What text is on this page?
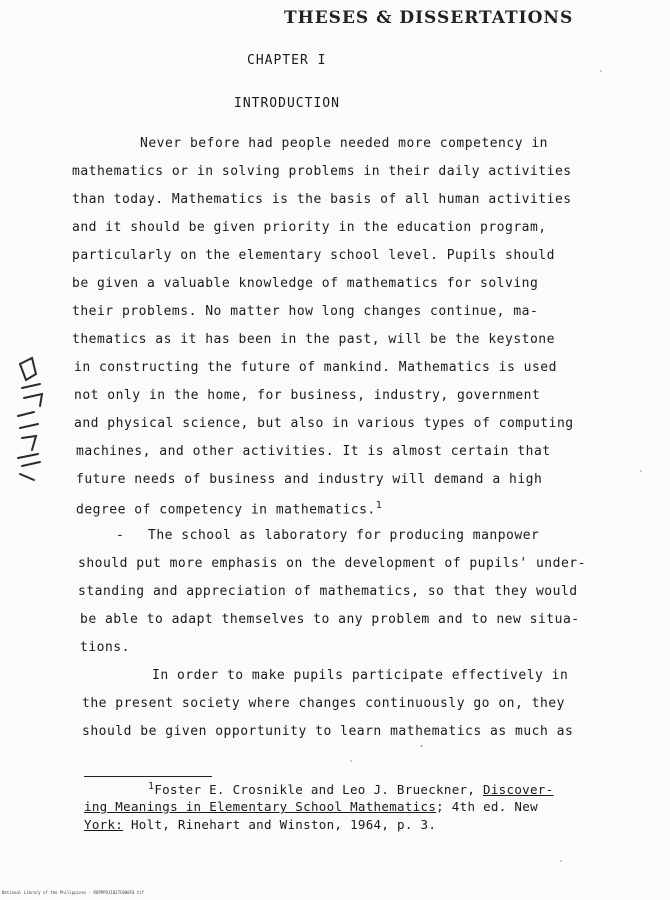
THESES & DISSERTATIONS
CHAPTER I
INTRODUCTION
Never before had people needed more competency in
mathematics or in solving problems in their daily activities
than today. Mathematics is the basis of all human activities
and it should be given priority in the education program,
particularly on the elementary school level. Pupils should
be given a valuable knowledge of mathematics for solving
their problems. No matter how long changes continue, ma-
thematics as it has been in the past, will be the keystone
in constructing the future of mankind. Mathematics is used
not only in the home, for business, industry, government
and physical science, but also in various types of computing
machines, and other activities. It is almost certain that
future needs of business and industry will demand a high
degree of competency in mathematics.$^1$
- The school as laboratory for producing manpower
should put more emphasis on the development of pupils' under-
standing and appreciation of mathematics, so that they would
be able to adapt themselves to any problem and to new situa-
tions.
In order to make pupils participate effectively in
the present society where changes continuously go on, they
should be given opportunity to learn mathematics as much as
$^1$Foster E. Crosnikle and Leo J. Brueckner, Discover-
ing Meanings in Elementary School Mathematics; 4th ed. New
York: Holt, Rinehart and Winston, 1964, p. 3.
National Library of the Philippines · ROPPPO11027C000F0 tif
